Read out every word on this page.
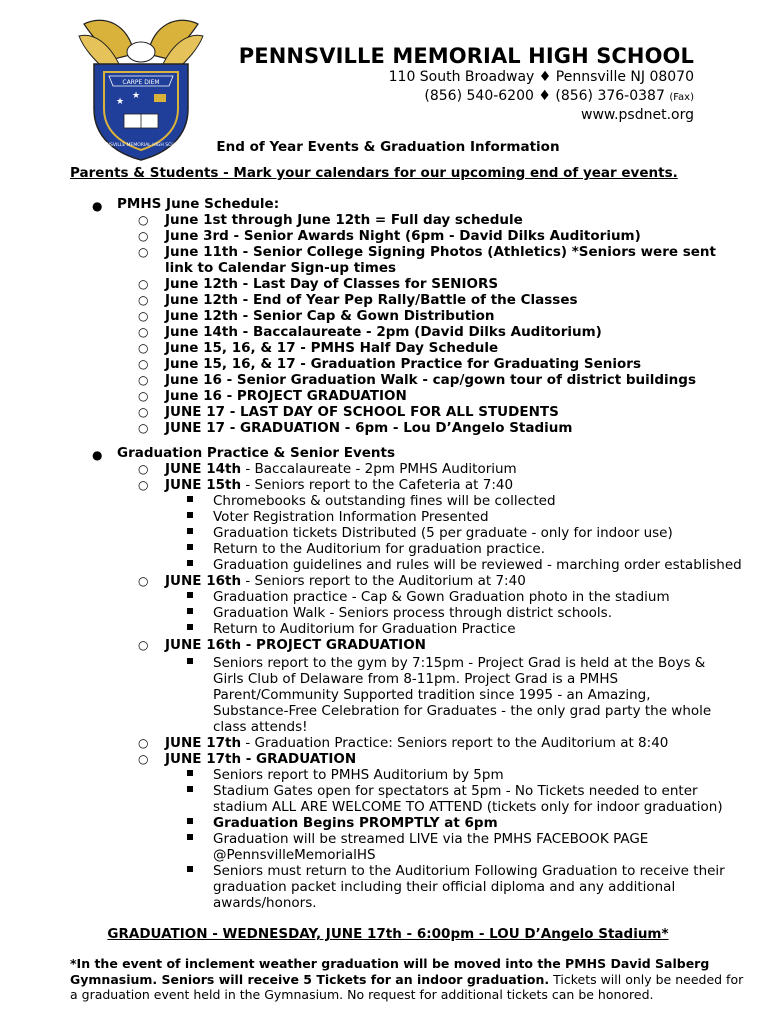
CARPE DIEM
★
★
PENNSVILLE MEMORIAL HIGH SCHOOL
PENNSVILLE MEMORIAL HIGH SCHOOL
110 South Broadway ♦ Pennsville NJ 08070
(856) 540-6200 ♦ (856) 376-0387 (Fax)
www.psdnet.org
End of Year Events & Graduation Information
Parents & Students - Mark your calendars for our upcoming end of year events.
● PMHS June Schedule:
○ June 1st through June 12th = Full day schedule
○ June 3rd - Senior Awards Night (6pm - David Dilks Auditorium)
○ June 11th - Senior College Signing Photos (Athletics) *Seniors were sent
link to Calendar Sign-up times
○ June 12th - Last Day of Classes for SENIORS
○ June 12th - End of Year Pep Rally/Battle of the Classes
○ June 12th - Senior Cap & Gown Distribution
○ June 14th - Baccalaureate - 2pm (David Dilks Auditorium)
○ June 15, 16, & 17 - PMHS Half Day Schedule
○ June 15, 16, & 17 - Graduation Practice for Graduating Seniors
○ June 16 - Senior Graduation Walk - cap/gown tour of district buildings
○ June 16 - PROJECT GRADUATION
○ JUNE 17 - LAST DAY OF SCHOOL FOR ALL STUDENTS
○ JUNE 17 - GRADUATION - 6pm - Lou D’Angelo Stadium
● Graduation Practice & Senior Events
○ JUNE 14th - Baccalaureate - 2pm PMHS Auditorium
○ JUNE 15th - Seniors report to the Cafeteria at 7:40
Chromebooks & outstanding fines will be collected
Voter Registration Information Presented
Graduation tickets Distributed (5 per graduate - only for indoor use)
Return to the Auditorium for graduation practice.
Graduation guidelines and rules will be reviewed - marching order established
○ JUNE 16th - Seniors report to the Auditorium at 7:40
Graduation practice - Cap & Gown Graduation photo in the stadium
Graduation Walk - Seniors process through district schools.
Return to Auditorium for Graduation Practice
○ JUNE 16th - PROJECT GRADUATION
Seniors report to the gym by 7:15pm - Project Grad is held at the Boys &
Girls Club of Delaware from 8-11pm. Project Grad is a PMHS
Parent/Community Supported tradition since 1995 - an Amazing,
Substance-Free Celebration for Graduates - the only grad party the whole
class attends!
○ JUNE 17th - Graduation Practice: Seniors report to the Auditorium at 8:40
○ JUNE 17th - GRADUATION
Seniors report to PMHS Auditorium by 5pm
Stadium Gates open for spectators at 5pm - No Tickets needed to enter
stadium ALL ARE WELCOME TO ATTEND (tickets only for indoor graduation)
Graduation Begins PROMPTLY at 6pm
Graduation will be streamed LIVE via the PMHS FACEBOOK PAGE
@PennsvilleMemorialHS
Seniors must return to the Auditorium Following Graduation to receive their
graduation packet including their official diploma and any additional
awards/honors.
GRADUATION - WEDNESDAY, JUNE 17th - 6:00pm - LOU D’Angelo Stadium*
*In the event of inclement weather graduation will be moved into the PMHS David Salberg Gymnasium. Seniors will receive 5 Tickets for an indoor graduation. Tickets will only be needed for a graduation event held in the Gymnasium. No request for additional tickets can be honored.
